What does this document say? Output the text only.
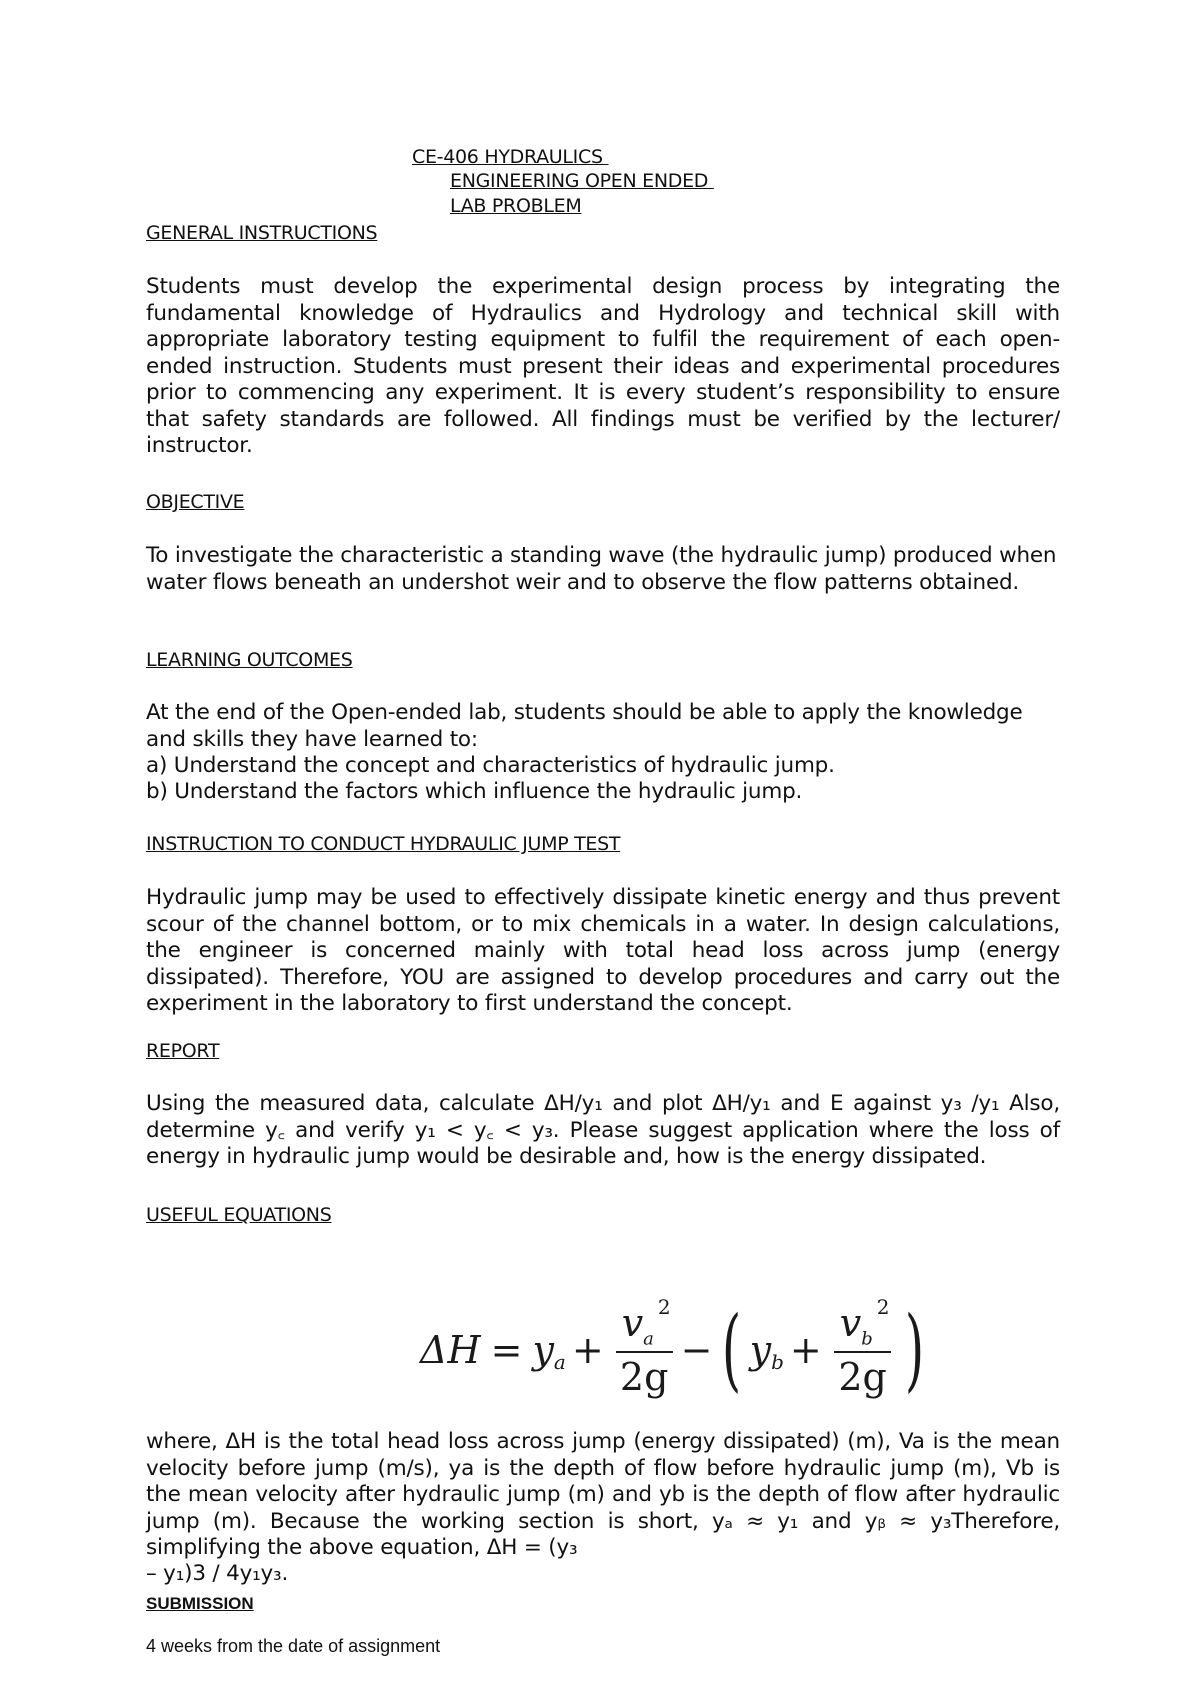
CE-406 HYDRAULICS
ENGINEERING OPEN ENDED
LAB PROBLEM
GENERAL INSTRUCTIONS

Students must develop the experimental design process by integrating the fundamental knowledge of Hydraulics and Hydrology and technical skill with appropriate laboratory testing equipment to fulfil the requirement of each open-ended instruction. Students must present their ideas and experimental procedures prior to commencing any experiment. It is every student’s responsibility to ensure that safety standards are followed. All findings must be verified by the lecturer/ instructor.

OBJECTIVE

To investigate the characteristic a standing wave (the hydraulic jump) produced when water flows beneath an undershot weir and to observe the flow patterns obtained.

LEARNING OUTCOMES

At the end of the Open-ended lab, students should be able to apply the knowledge and skills they have learned to:

a) Understand the concept and characteristics of hydraulic jump.
b) Understand the factors which influence the hydraulic jump.
INSTRUCTION TO CONDUCT HYDRAULIC JUMP TEST

Hydraulic jump may be used to effectively dissipate kinetic energy and thus prevent scour of the channel bottom, or to mix chemicals in a water. In design calculations, the engineer is concerned mainly with total head loss across jump (energy dissipated). Therefore, YOU are assigned to develop procedures and carry out the experiment in the laboratory to first understand the concept.

REPORT

Using the measured data, calculate ΔH/y₁ and plot ΔH/y₁ and E against y₃ /y₁ Also, determine y꜀ and verify y₁ < y꜀ < y₃. Please suggest application where the loss of energy in hydraulic jump would be desirable and, how is the energy dissipated.

USEFUL EQUATIONS
ΔH = y $a + \frac{v_a^2}{2g}$ − ( y $b + \frac{v_b^2}{2g}$ )

where, ΔH is the total head loss across jump (energy dissipated) (m), Va is the mean velocity before jump (m/s), ya is the depth of flow before hydraulic jump (m), Vb is the mean velocity after hydraulic jump (m) and yb is the depth of flow after hydraulic jump (m). Because the working section is short, yₐ ≈ y₁ and yᵦ ≈ y₃Therefore, simplifying the above equation, ΔH = (y₃

– y₁)3 / 4y₁y₃.
SUBMISSION
4 weeks from the date of assignment
